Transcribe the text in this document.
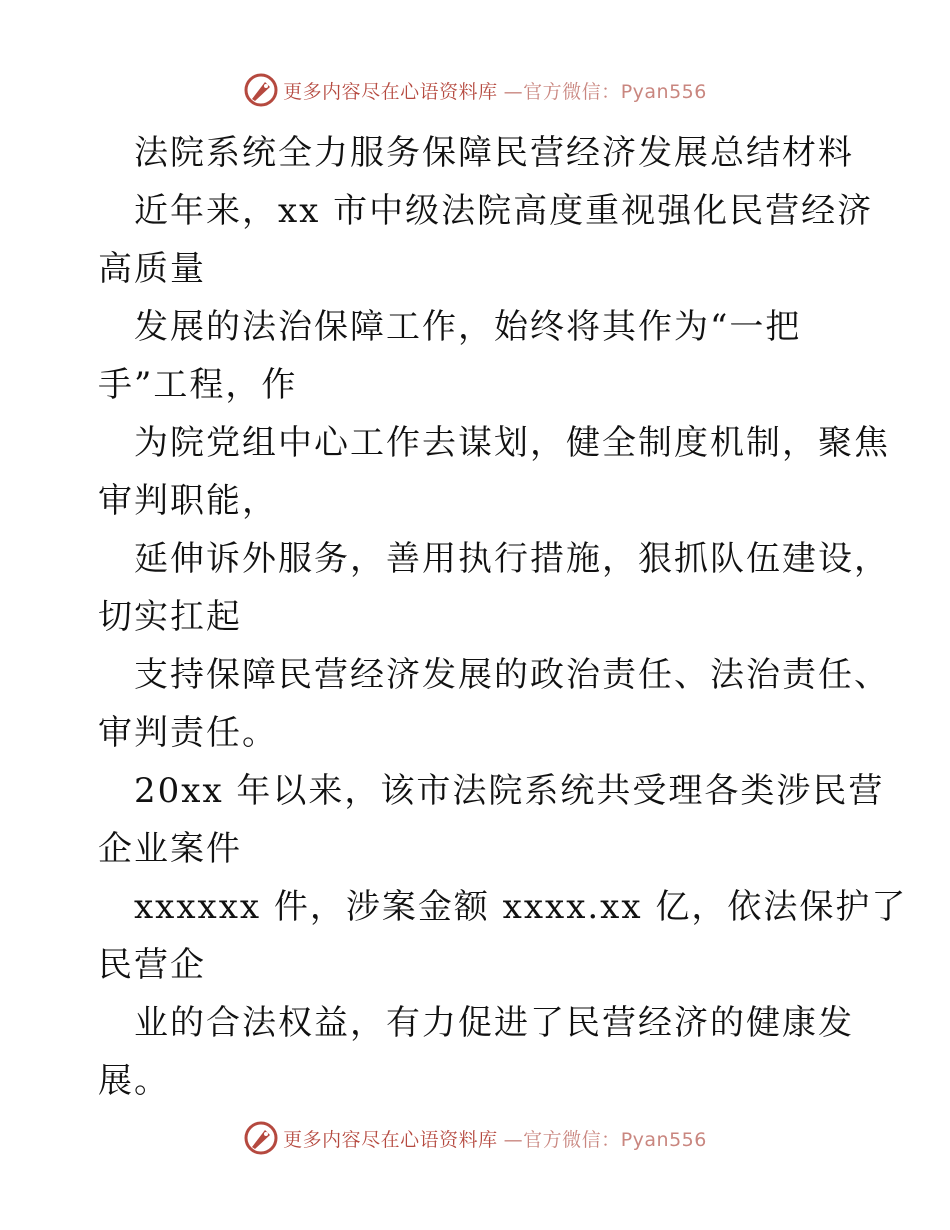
更多内容尽在心语资料库 —官方微信：Pyan556
法院系统全力服务保障民营经济发展总结材料
近年来，xx 市中级法院高度重视强化民营经济
高质量
发展的法治保障工作，始终将其作为“一把
手”工程，作
为院党组中心工作去谋划，健全制度机制，聚焦
审判职能，
延伸诉外服务，善用执行措施，狠抓队伍建设，
切实扛起
支持保障民营经济发展的政治责任、法治责任、
审判责任。
20xx 年以来，该市法院系统共受理各类涉民营
企业案件
xxxxxx 件，涉案金额 xxxx.xx 亿，依法保护了
民营企
业的合法权益，有力促进了民营经济的健康发
展。
更多内容尽在心语资料库 —官方微信：Pyan556
